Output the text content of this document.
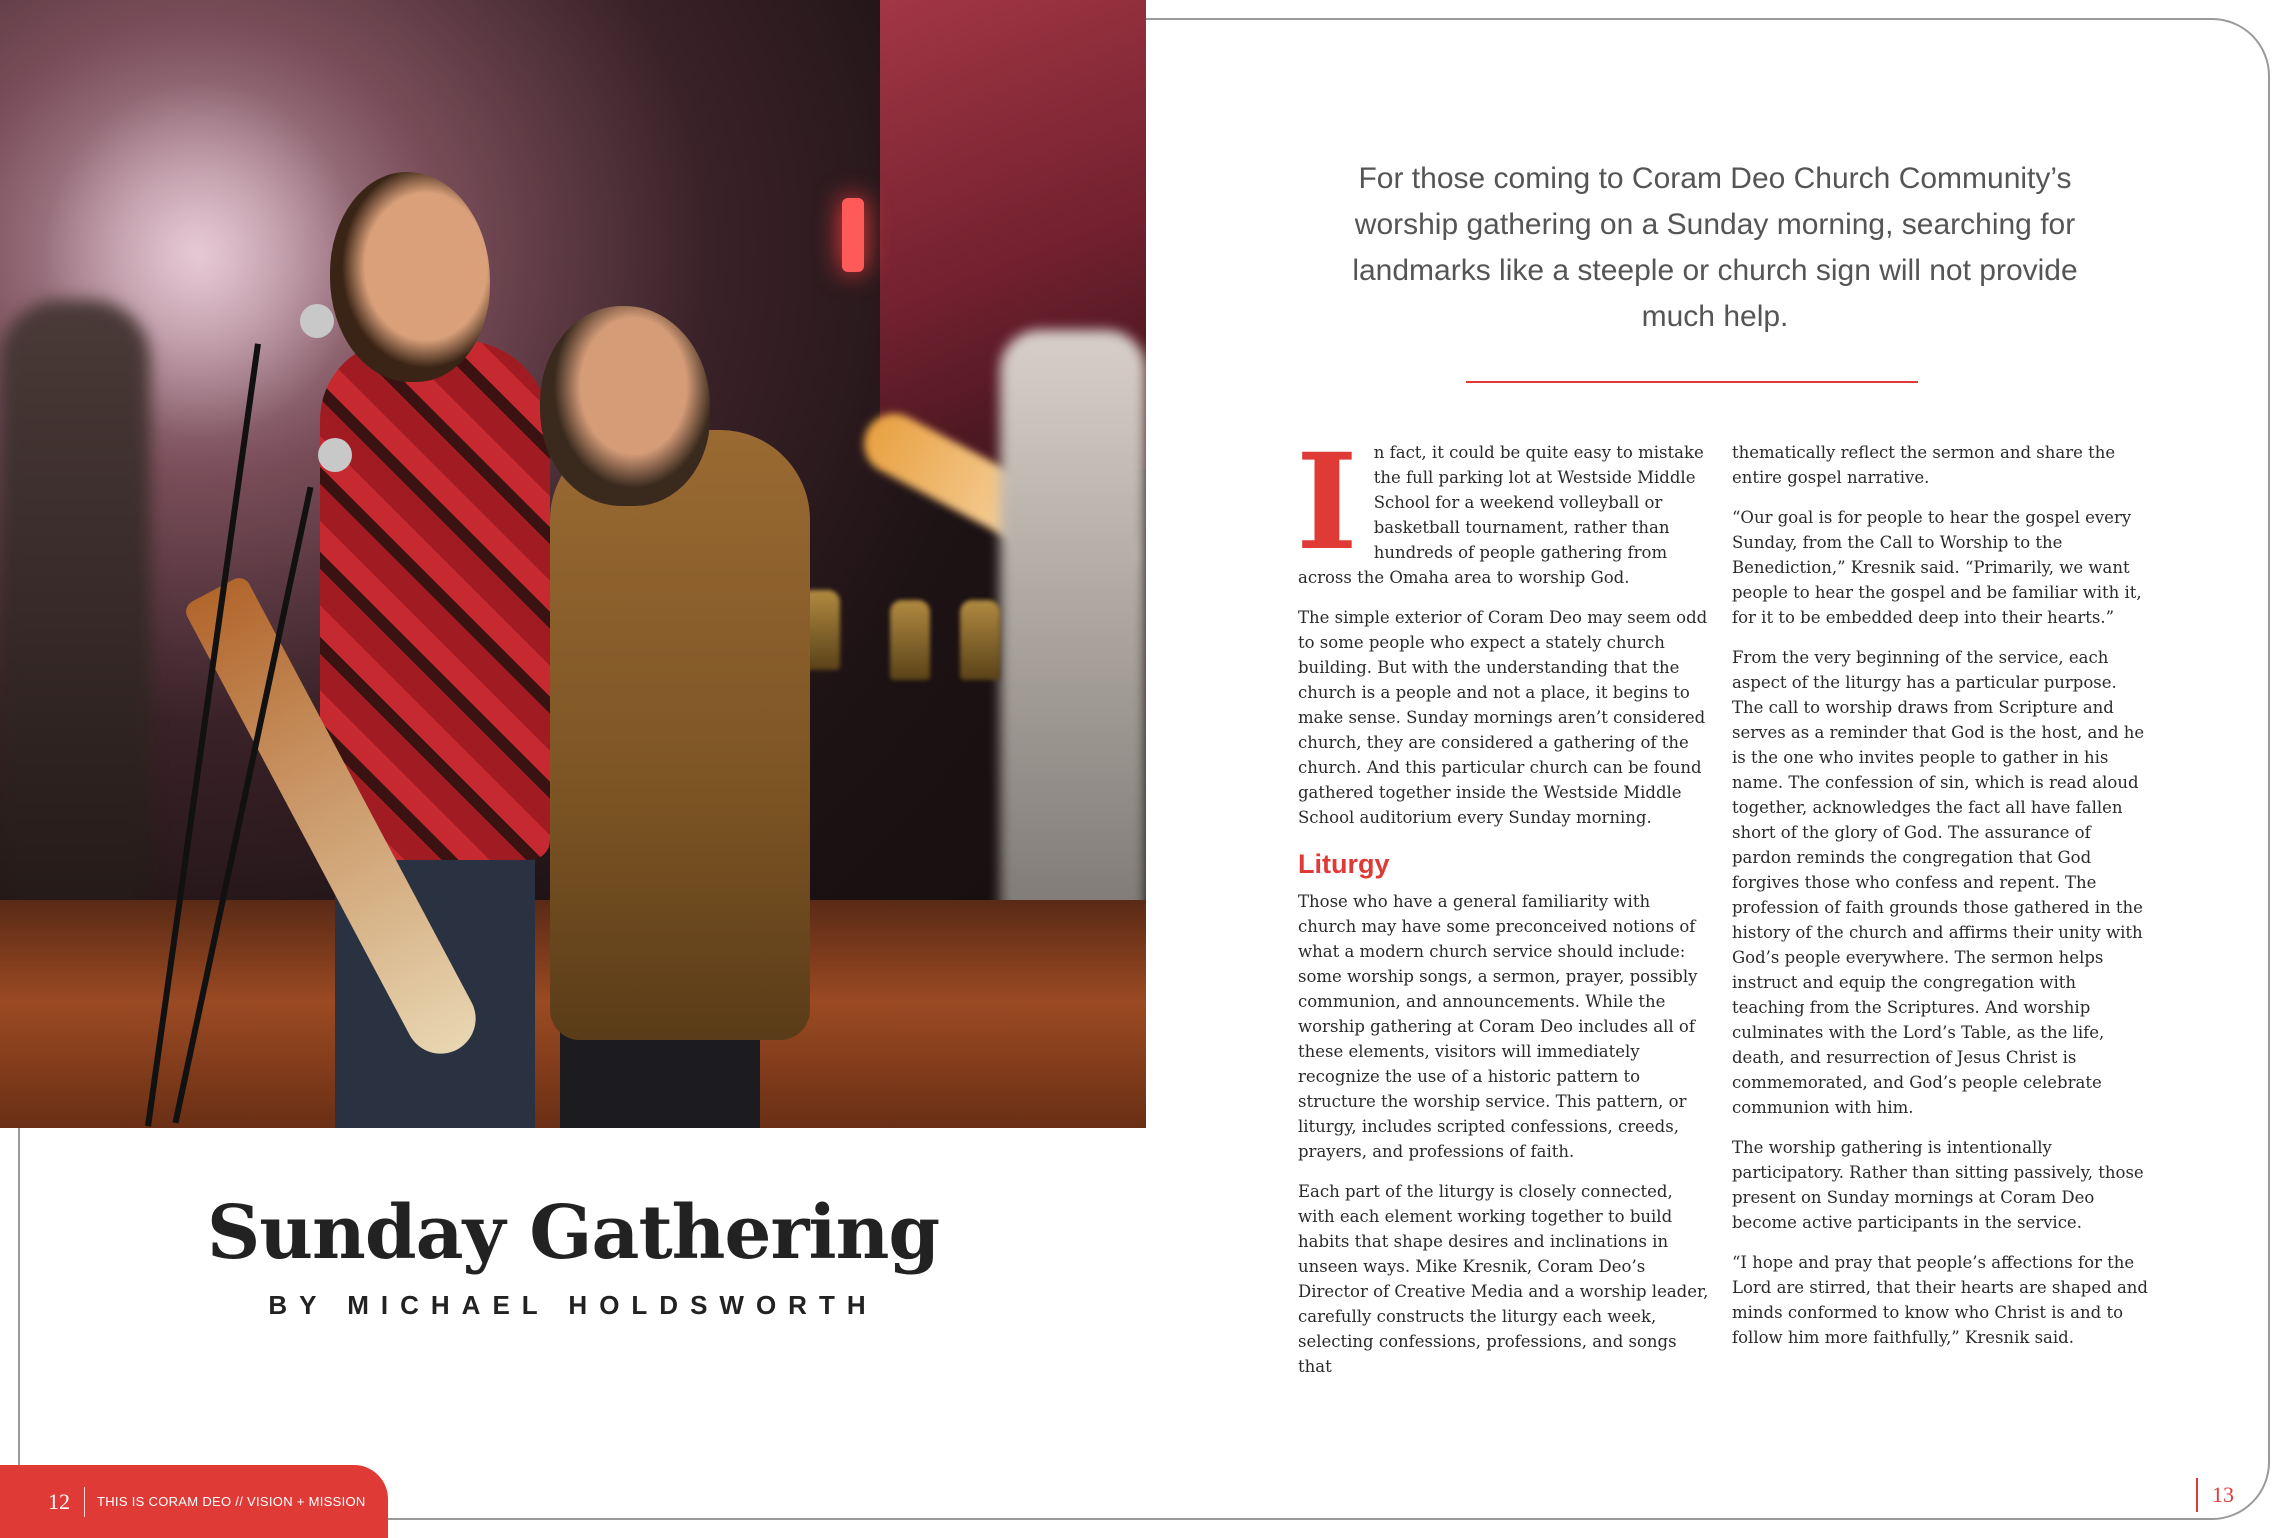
Sunday Gathering
BY MICHAEL HOLDSWORTH
12	THIS IS CORAM DEO // VISION + MISSION	13
For those coming to Coram Deo Church Community’s worship gathering on a Sunday morning, searching for landmarks like a steeple or church sign will not provide much help.

In fact, it could be quite easy to mistake the full parking lot at Westside Middle School for a weekend volleyball or basketball tournament, rather than hundreds of people gathering from across the Omaha area to worship God.

The simple exterior of Coram Deo may seem odd to some people who expect a stately church building. But with the understanding that the church is a people and not a place, it begins to make sense. Sunday mornings aren’t considered church, they are considered a gathering of the church. And this particular church can be found gathered together inside the Westside Middle School auditorium every Sunday morning.

Liturgy

Those who have a general familiarity with church may have some preconceived notions of what a modern church service should include: some worship songs, a sermon, prayer, possibly communion, and announcements. While the worship gathering at Coram Deo includes all of these elements, visitors will immediately recognize the use of a historic pattern to structure the worship service. This pattern, or liturgy, includes scripted confessions, creeds, prayers, and professions of faith.

Each part of the liturgy is closely connected, with each element working together to build habits that shape desires and inclinations in unseen ways. Mike Kresnik, Coram Deo’s Director of Creative Media and a worship leader, carefully constructs the liturgy each week, selecting confessions, professions, and songs that

thematically reflect the sermon and share the entire gospel narrative.

“Our goal is for people to hear the gospel every Sunday, from the Call to Worship to the Benediction,” Kresnik said. “Primarily, we want people to hear the gospel and be familiar with it, for it to be embedded deep into their hearts.”

From the very beginning of the service, each aspect of the liturgy has a particular purpose. The call to worship draws from Scripture and serves as a reminder that God is the host, and he is the one who invites people to gather in his name. The confession of sin, which is read aloud together, acknowledges the fact all have fallen short of the glory of God. The assurance of pardon reminds the congregation that God forgives those who confess and repent. The profession of faith grounds those gathered in the history of the church and affirms their unity with God’s people everywhere. The sermon helps instruct and equip the congregation with teaching from the Scriptures. And worship culminates with the Lord’s Table, as the life, death, and resurrection of Jesus Christ is commemorated, and God’s people celebrate communion with him.

The worship gathering is intentionally participatory. Rather than sitting passively, those present on Sunday mornings at Coram Deo become active participants in the service.

“I hope and pray that people’s affections for the Lord are stirred, that their hearts are shaped and minds conformed to know who Christ is and to follow him more faithfully,” Kresnik said.
